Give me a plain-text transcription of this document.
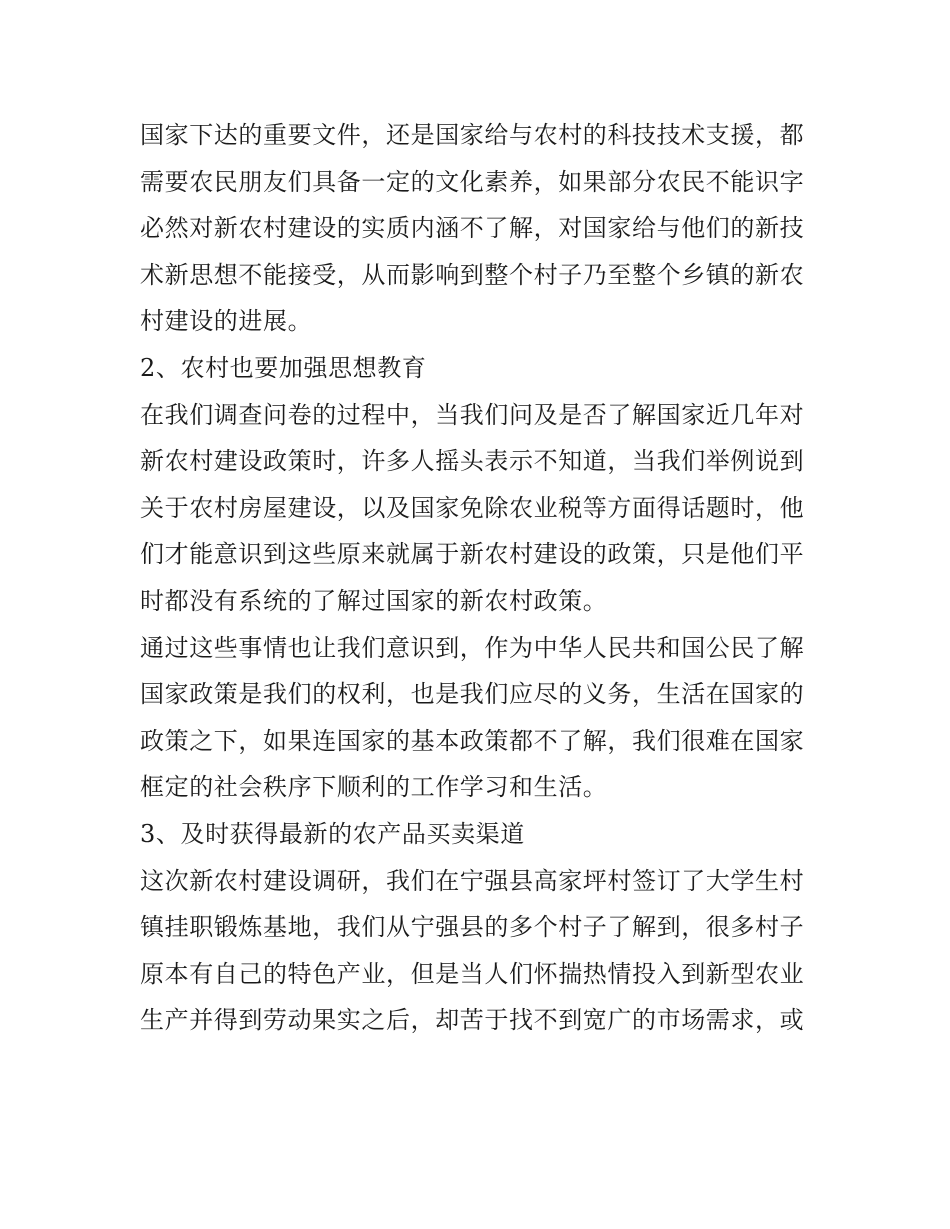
国家下达的重要文件，还是国家给与农村的科技技术支援，都
需要农民朋友们具备一定的文化素养，如果部分农民不能识字
必然对新农村建设的实质内涵不了解，对国家给与他们的新技
术新思想不能接受，从而影响到整个村子乃至整个乡镇的新农
村建设的进展。
2、农村也要加强思想教育
在我们调查问卷的过程中，当我们问及是否了解国家近几年对
新农村建设政策时，许多人摇头表示不知道，当我们举例说到
关于农村房屋建设，以及国家免除农业税等方面得话题时，他
们才能意识到这些原来就属于新农村建设的政策，只是他们平
时都没有系统的了解过国家的新农村政策。
通过这些事情也让我们意识到，作为中华人民共和国公民了解
国家政策是我们的权利，也是我们应尽的义务，生活在国家的
政策之下，如果连国家的基本政策都不了解，我们很难在国家
框定的社会秩序下顺利的工作学习和生活。
3、及时获得最新的农产品买卖渠道
这次新农村建设调研，我们在宁强县高家坪村签订了大学生村
镇挂职锻炼基地，我们从宁强县的多个村子了解到，很多村子
原本有自己的特色产业，但是当人们怀揣热情投入到新型农业
生产并得到劳动果实之后，却苦于找不到宽广的市场需求，或
